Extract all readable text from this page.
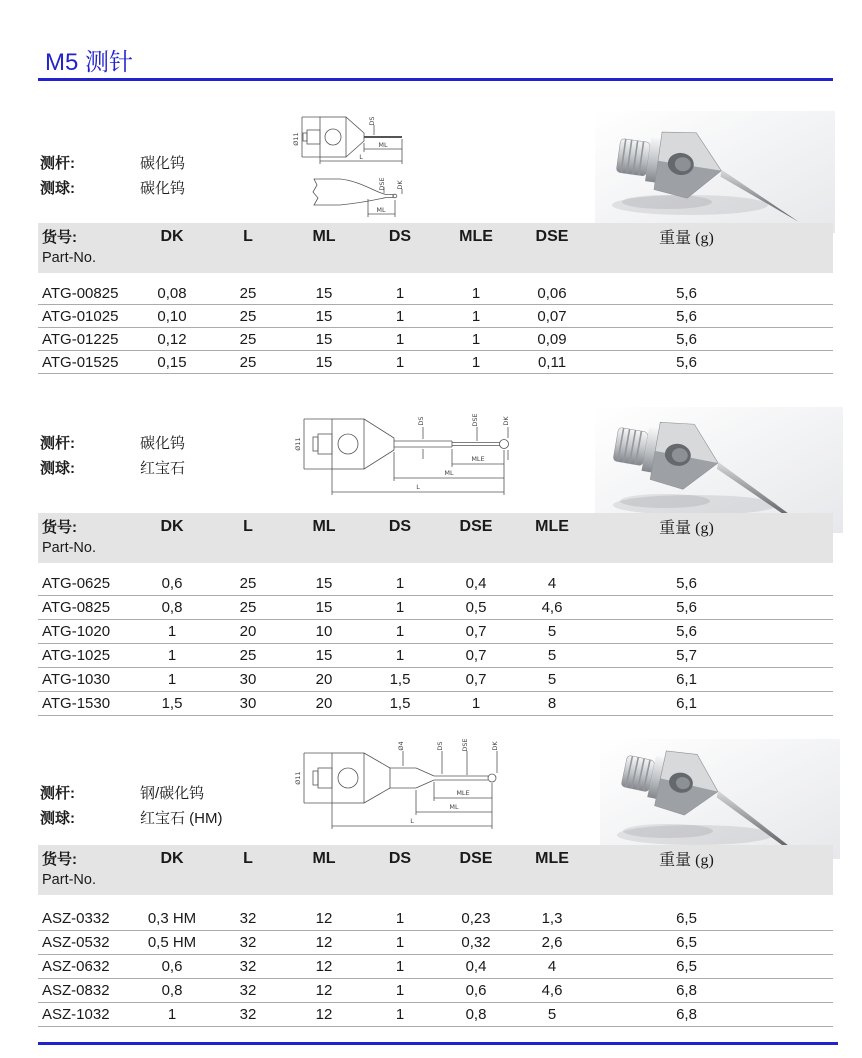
M5 测针
测杆:	碳化钨
测球:	碳化钨
Ø11
DS
ML
L
DSE DK
ML
货号:	DK	L	ML	DS	MLE	DSE	重量 (g)
Part-No.							
ATG-00825	0,08	25	15	1	1	0,06	5,6
ATG-01025	0,10	25	15	1	1	0,07	5,6
ATG-01225	0,12	25	15	1	1	0,09	5,6
ATG-01525	0,15	25	15	1	1	0,11	5,6
测杆:	碳化钨
测球:	红宝石
Ø11
DS	DSE	DK
MLE
ML
L
货号:	DK	L	ML	DS	DSE	MLE	重量 (g)
Part-No.							
ATG-0625	0,6	25	15	1	0,4	4	5,6
ATG-0825	0,8	25	15	1	0,5	4,6	5,6
ATG-1020	1	20	10	1	0,7	5	5,6
ATG-1025	1	25	15	1	0,7	5	5,7
ATG-1030	1	30	20	1,5	0,7	5	6,1
ATG-1530	1,5	30	20	1,5	1	8	6,1
测杆:	钢/碳化钨
测球:	红宝石 (HM)
Ø11
Ø4	DS	DSE	DK
MLE
ML
L
货号:	DK	L	ML	DS	DSE	MLE	重量 (g)
Part-No.							
ASZ-0332	0,3 HM	32	12	1	0,23	1,3	6,5
ASZ-0532	0,5 HM	32	12	1	0,32	2,6	6,5
ASZ-0632	0,6	32	12	1	0,4	4	6,5
ASZ-0832	0,8	32	12	1	0,6	4,6	6,8
ASZ-1032	1	32	12	1	0,8	5	6,8
